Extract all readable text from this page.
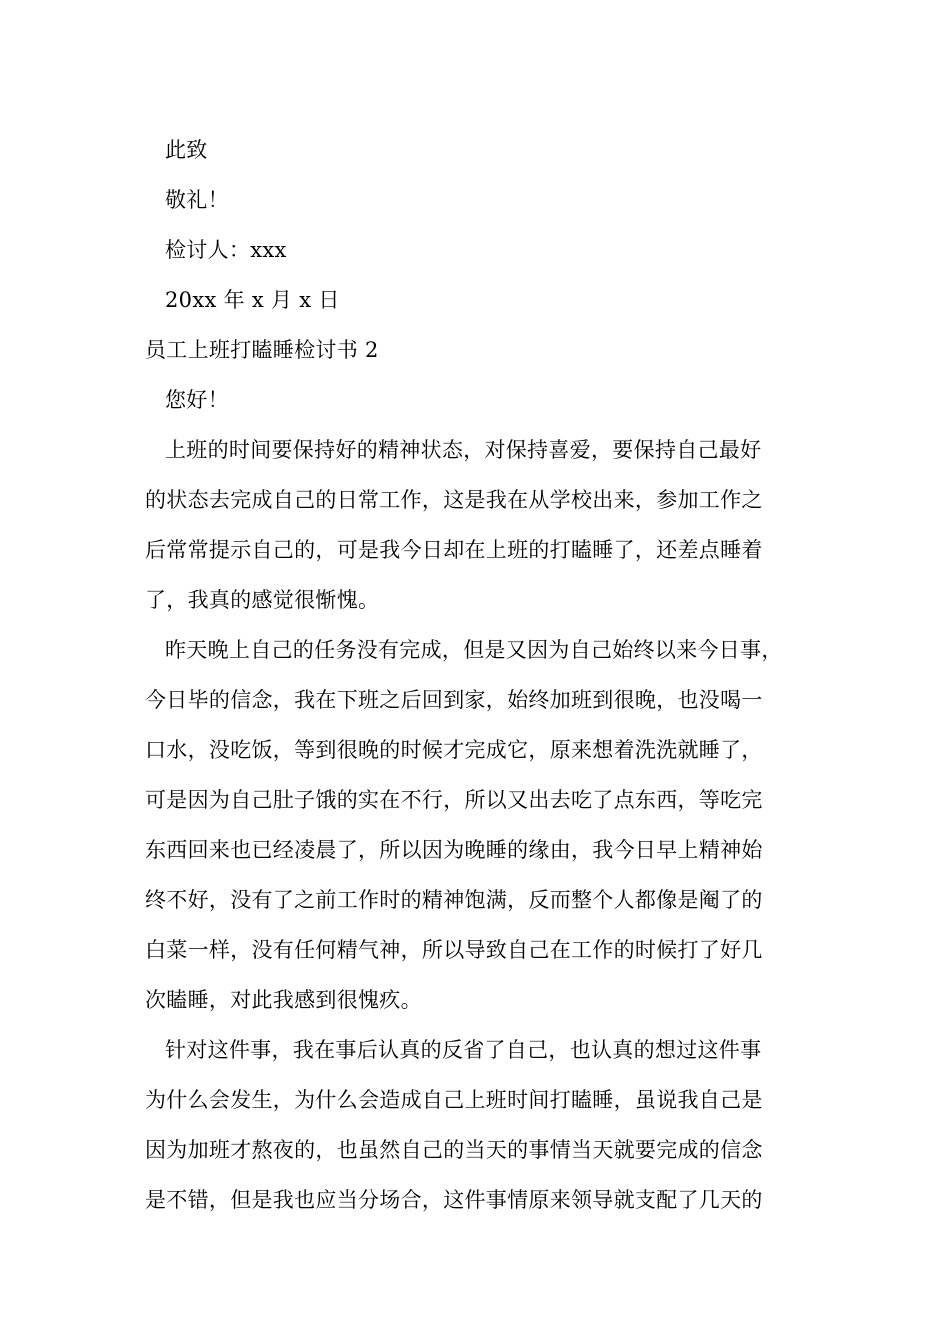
此致
敬礼！
检讨人：xxx
20xx 年 x 月 x 日
员工上班打瞌睡检讨书 2
您好！
上班的时间要保持好的精神状态，对保持喜爱，要保持自己最好
的状态去完成自己的日常工作，这是我在从学校出来，参加工作之
后常常提示自己的，可是我今日却在上班的打瞌睡了，还差点睡着
了，我真的感觉很惭愧。
昨天晚上自己的任务没有完成，但是又因为自己始终以来今日事，
今日毕的信念，我在下班之后回到家，始终加班到很晚，也没喝一
口水，没吃饭，等到很晚的时候才完成它，原来想着洗洗就睡了，
可是因为自己肚子饿的实在不行，所以又出去吃了点东西，等吃完
东西回来也已经凌晨了，所以因为晚睡的缘由，我今日早上精神始
终不好，没有了之前工作时的精神饱满，反而整个人都像是阉了的
白菜一样，没有任何精气神，所以导致自己在工作的时候打了好几
次瞌睡，对此我感到很愧疚。
针对这件事，我在事后认真的反省了自己，也认真的想过这件事
为什么会发生，为什么会造成自己上班时间打瞌睡，虽说我自己是
因为加班才熬夜的，也虽然自己的当天的事情当天就要完成的信念
是不错，但是我也应当分场合，这件事情原来领导就支配了几天的
